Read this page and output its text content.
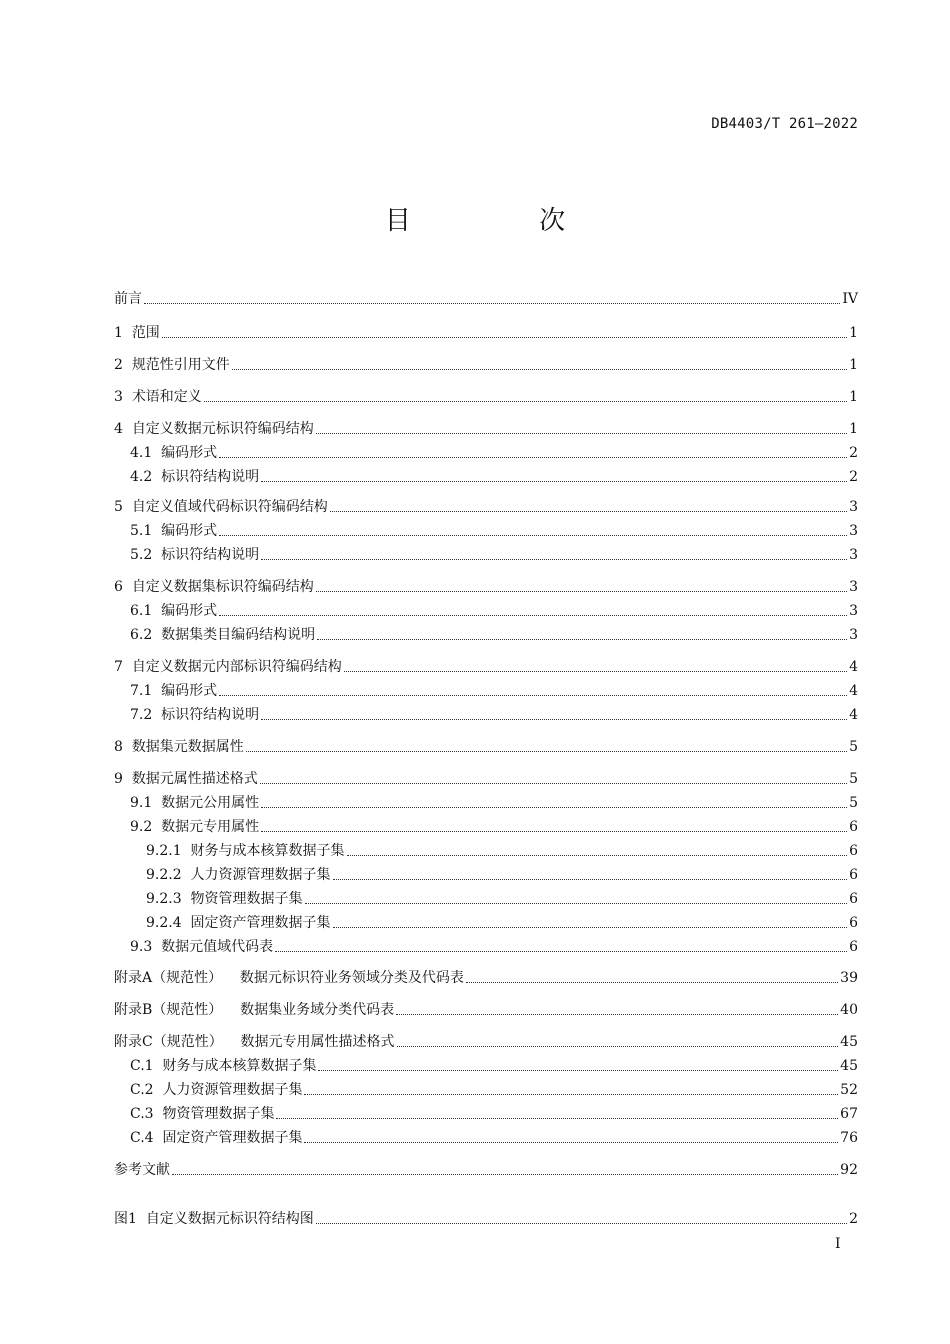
DB4403/T 261—2022
目 次
前言	IV
1 范围	1
2 规范性引用文件	1
3 术语和定义	1
4 自定义数据元标识符编码结构	1
4.1 编码形式	2
4.2 标识符结构说明	2
5 自定义值域代码标识符编码结构	3
5.1 编码形式	3
5.2 标识符结构说明	3
6 自定义数据集标识符编码结构	3
6.1 编码形式	3
6.2 数据集类目编码结构说明	3
7 自定义数据元内部标识符编码结构	4
7.1 编码形式	4
7.2 标识符结构说明	4
8 数据集元数据属性	5
9 数据元属性描述格式	5
9.1 数据元公用属性	5
9.2 数据元专用属性	6
9.2.1 财务与成本核算数据子集	6
9.2.2 人力资源管理数据子集	6
9.2.3 物资管理数据子集	6
9.2.4 固定资产管理数据子集	6
9.3 数据元值域代码表	6
附录A（规范性） 数据元标识符业务领域分类及代码表	39
附录B（规范性） 数据集业务域分类代码表	40
附录C（规范性） 数据元专用属性描述格式	45
C.1 财务与成本核算数据子集	45
C.2 人力资源管理数据子集	52
C.3 物资管理数据子集	67
C.4 固定资产管理数据子集	76
参考文献	92
图1 自定义数据元标识符结构图	2
I
